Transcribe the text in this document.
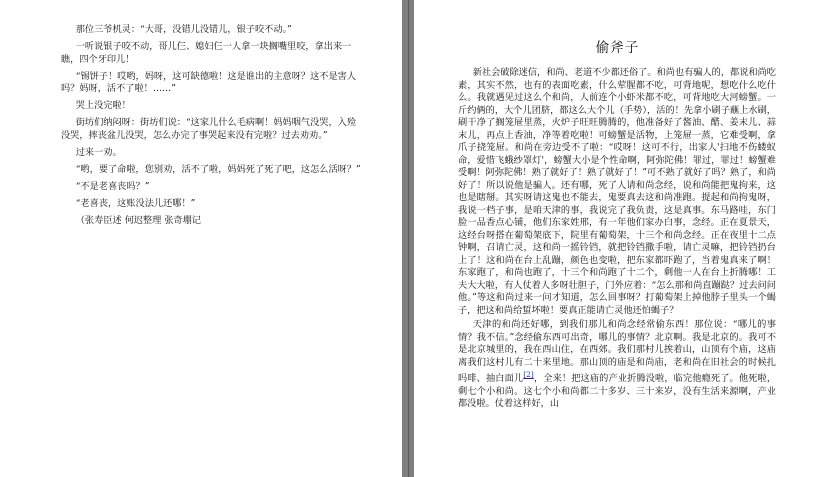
那位三爷机灵：“大哥，没错儿没错儿，银子咬不动。”

一听说银子咬不动，哥儿仨、媳妇仨一人拿一块搁嘴里咬，拿出来一瞧，四个牙印儿！

“锡饼子！哎哟，妈呀，这可缺德啦！这是谁出的主意呀？这不是害人吗？妈呀，活不了啦！……”

哭上没完啦！

街坊们纳闷呀：街坊们说：“这家儿什么毛病啊！妈妈咽气没哭，入殓没哭，摔丧盆儿没哭，怎么办完了事哭起来没有完啦？过去劝劝。”

过来一劝。

“哟，要了命啦，您别劝，活不了啦，妈妈死了死了吧，这怎么活呀？”

“不是老喜丧吗？”

“老喜丧，这账没法儿还哪！”

（张寿臣述 何迟整理 张奇堋记

偷斧子

新社会破除迷信，和尚、老道不少都还俗了。和尚也有骗人的，都说和尚吃素，其实不然，也有的表面吃素，什么荤腥都不吃，可背地呢，想吃什么吃什么。我就遇见过这么个和尚，人前连个小虾米都不吃，可背地吃大河螃蟹。一斤约俩的，大个儿团脐，都这么大个儿（手势），活的！先拿小刷子蘸上水刷，刷干净了搁笼屉里蒸，火炉子旺旺腾腾的，他准备好了酱油、醋、姜末儿、蒜末儿，再点上香油，净等着吃啦！可螃蟹是活物，上笼屉一蒸，它难受啊，拿爪子挠笼屉。和尚在旁边受不了啦：“哎呀！这可不行，出家人'扫地不伤蝼蚁命，爱惜飞蛾纱罩灯'，螃蟹大小是个性命啊，阿弥陀佛！罪过，罪过！螃蟹难受啊！阿弥陀佛！熟了就好了！熟了就好了！”可不熟了就好了吗？熟了，和尚好了！所以说他是骗人。还有哪，死了人请和尚念经，说和尚能把鬼拘来，这也是瞎掰。其实呀请这鬼也不能去，鬼要真去这和尚准跑。提起和尚拘鬼呀，我说一档子事，是咱天津的事，我说完了我负责，这是真事。东马路哇，东门脸一品香点心铺，他们东家姓邢，有一年他们家办白事，念经。正在夏景天，这经台呀搭在葡萄架底下，院里有葡萄架，十三个和尚念经。正在夜里十二点钟啊，召请亡灵，这和尚一摇铃铛，就把铃铛撒手啦，请亡灵嘛，把铃铛扔台上了！这和尚在台上乱蹦，颜色也变啦，把东家都吓跑了，当着鬼真来了啊！东家跑了，和尚也跑了，十三个和尚跑了十二个，剩他一人在台上折腾哪！工夫大大啦，有人仗着人多呀壮胆子，门外应着：“怎么那和尚直蹦跶？过去问问他。”等这和尚过来一问才知道，怎么回事呀？打葡萄架上掉他脖子里头一个蝎子，把这和尚给蜇坏啦！要真正能请亡灵他还怕蝎子？

天津的和尚还好哪，到我们那儿和尚念经常偷东西！那位说：“哪儿的事情？我不信。”念经偷东西可出奇，哪儿的事情？北京啊。我是北京的。我可不是北京城里的，我在西山住，在西郊。我们那村儿挨着山，山顶有个庙，这庙离我们这村儿有二十来里地。那山顶的庙是和尚庙，老和尚在旧社会的时候扎吗啡、抽白面儿[2]，全来！把这庙的产业折腾没啦，临完他瘾死了。他死啦，剩七个小和尚。这七个小和尚都二十多岁、三十来岁，没有生活来源啊，产业都没啦。仗着这样好，山
